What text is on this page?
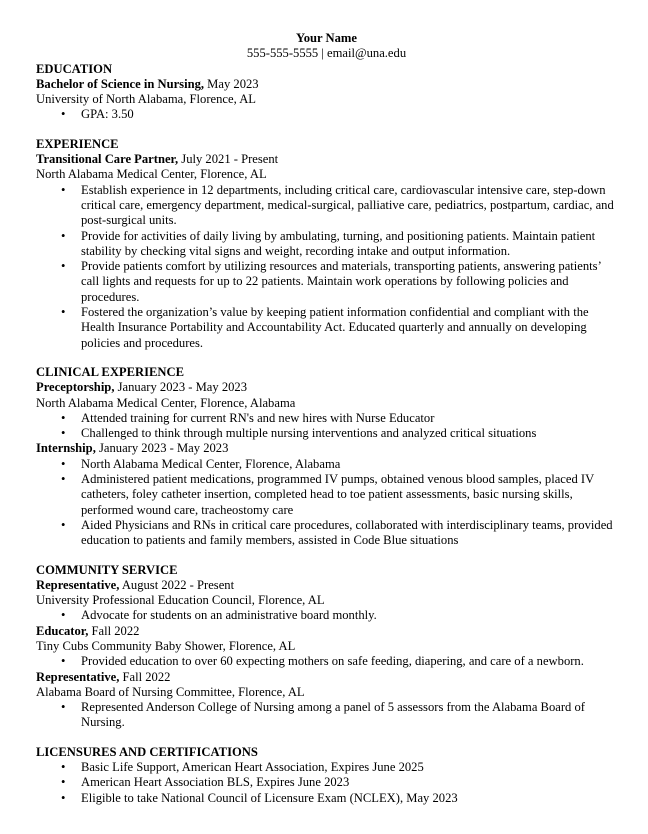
Your Name
555-555-5555 | email@una.edu
EDUCATION

Bachelor of Science in Nursing, May 2023

University of North Alabama, Florence, AL

• GPA: 3.50
EXPERIENCE

Transitional Care Partner, July 2021 - Present

North Alabama Medical Center, Florence, AL

• Establish experience in 12 departments, including critical care, cardiovascular intensive care, step-down critical care, emergency department, medical-surgical, palliative care, pediatrics, postpartum, cardiac, and post-surgical units.
• Provide for activities of daily living by ambulating, turning, and positioning patients. Maintain patient stability by checking vital signs and weight, recording intake and output information.
• Provide patients comfort by utilizing resources and materials, transporting patients, answering patients’ call lights and requests for up to 22 patients. Maintain work operations by following policies and procedures.
• Fostered the organization’s value by keeping patient information confidential and compliant with the Health Insurance Portability and Accountability Act. Educated quarterly and annually on developing policies and procedures.
CLINICAL EXPERIENCE

Preceptorship, January 2023 - May 2023

North Alabama Medical Center, Florence, Alabama

• Attended training for current RN's and new hires with Nurse Educator
• Challenged to think through multiple nursing interventions and analyzed critical situations

Internship, January 2023 - May 2023

• North Alabama Medical Center, Florence, Alabama
• Administered patient medications, programmed IV pumps, obtained venous blood samples, placed IV catheters, foley catheter insertion, completed head to toe patient assessments, basic nursing skills, performed wound care, tracheostomy care
• Aided Physicians and RNs in critical care procedures, collaborated with interdisciplinary teams, provided education to patients and family members, assisted in Code Blue situations
COMMUNITY SERVICE

Representative, August 2022 - Present

University Professional Education Council, Florence, AL

• Advocate for students on an administrative board monthly.

Educator, Fall 2022

Tiny Cubs Community Baby Shower, Florence, AL

• Provided education to over 60 expecting mothers on safe feeding, diapering, and care of a newborn.

Representative, Fall 2022

Alabama Board of Nursing Committee, Florence, AL

• Represented Anderson College of Nursing among a panel of 5 assessors from the Alabama Board of Nursing.
LICENSURES AND CERTIFICATIONS
• Basic Life Support, American Heart Association, Expires June 2025
• American Heart Association BLS, Expires June 2023
• Eligible to take National Council of Licensure Exam (NCLEX), May 2023
